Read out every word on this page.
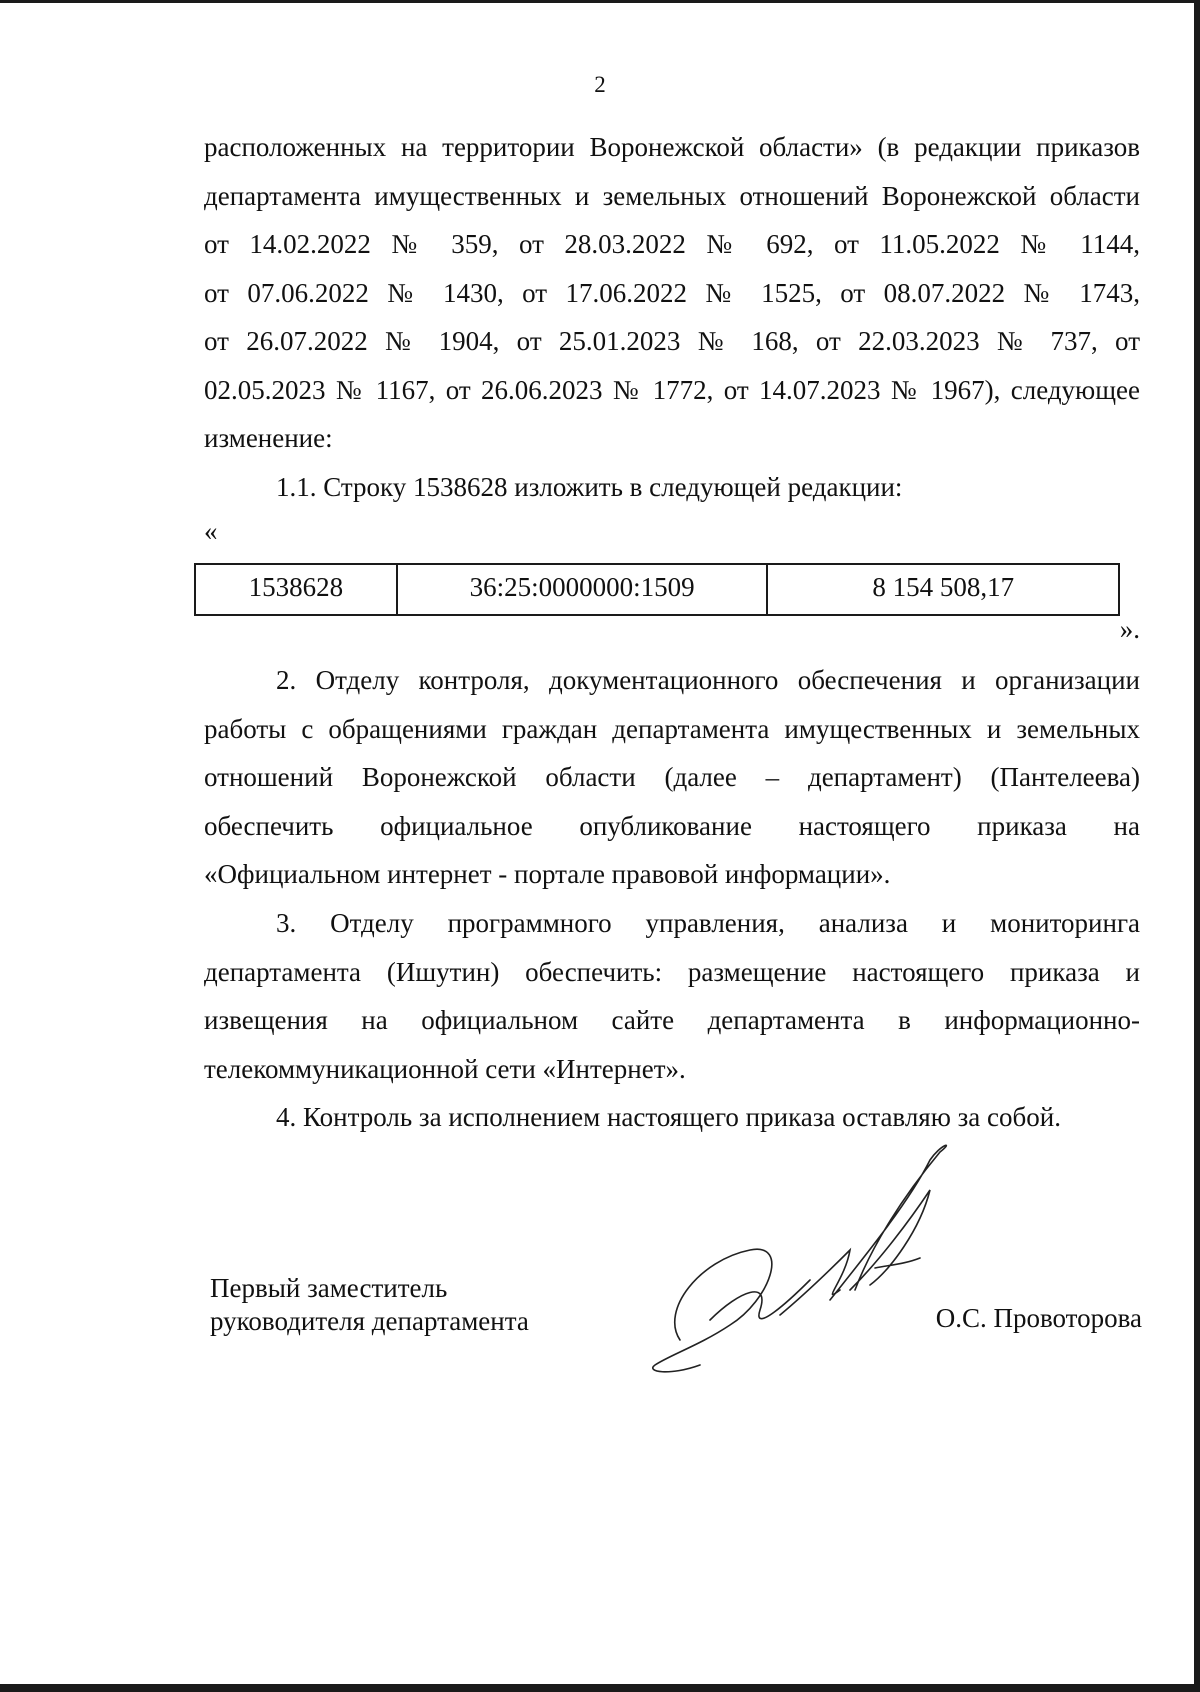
2
расположенных на территории Воронежской области» (в редакции приказов
департамента имущественных и земельных отношений Воронежской области
от 14.02.2022 № 359, от 28.03.2022 № 692, от 11.05.2022 № 1144,
от 07.06.2022 № 1430, от 17.06.2022 № 1525, от 08.07.2022 № 1743,
от 26.07.2022 № 1904, от 25.01.2023 № 168, от 22.03.2023 № 737, от
02.05.2023 № 1167, от 26.06.2023 № 1772, от 14.07.2023 № 1967), следующее
изменение:
1.1. Строку 1538628 изложить в следующей редакции:
«
1538628	36:25:0000000:1509	8 154 508,17
».
2. Отделу контроля, документационного обеспечения и организации
работы с обращениями граждан департамента имущественных и земельных
отношений Воронежской области (далее – департамент) (Пантелеева)
обеспечить официальное опубликование настоящего приказа на
«Официальном интернет - портале правовой информации».
3. Отделу программного управления, анализа и мониторинга
департамента (Ишутин) обеспечить: размещение настоящего приказа и
извещения на официальном сайте департамента в информационно-
телекоммуникационной сети «Интернет».
4. Контроль за исполнением настоящего приказа оставляю за собой.
Первый заместитель
руководителя департамента	О.С. Провоторова
